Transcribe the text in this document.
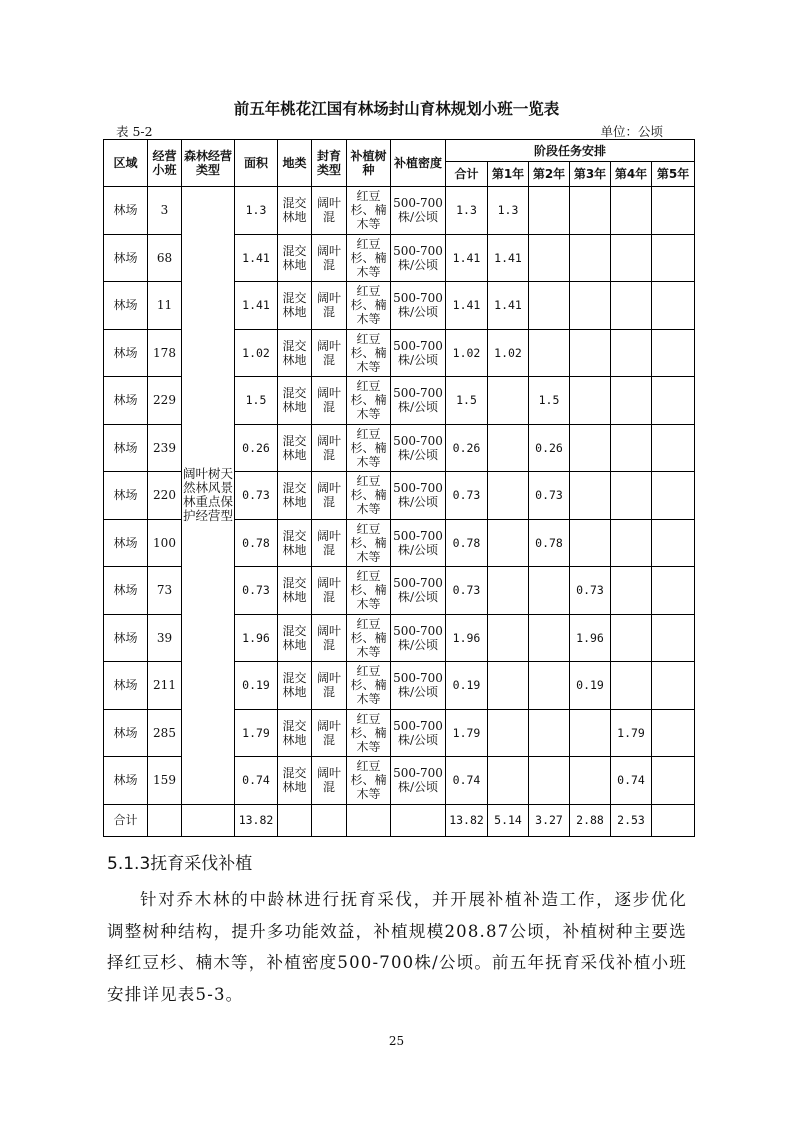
前五年桃花江国有林场封山育林规划小班一览表
表 5-2	单位：公顷
区域	经营小班	森林经营类型	面积	地类	封育类型	补植树种	补植密度	阶段任务安排					
								合计	第1年	第2年	第3年	第4年	第5年
林场	3	阔叶树天然林风景林重点保护经营型	1.3	混交林地	阔叶混	红豆杉、楠木等	500-700株/公顷	1.3	1.3				
林场	68		1.41	混交林地	阔叶混	红豆杉、楠木等	500-700株/公顷	1.41	1.41				
林场	11		1.41	混交林地	阔叶混	红豆杉、楠木等	500-700株/公顷	1.41	1.41				
林场	178		1.02	混交林地	阔叶混	红豆杉、楠木等	500-700株/公顷	1.02	1.02				
林场	229		1.5	混交林地	阔叶混	红豆杉、楠木等	500-700株/公顷	1.5		1.5			
林场	239		0.26	混交林地	阔叶混	红豆杉、楠木等	500-700株/公顷	0.26		0.26			
林场	220		0.73	混交林地	阔叶混	红豆杉、楠木等	500-700株/公顷	0.73		0.73			
林场	100		0.78	混交林地	阔叶混	红豆杉、楠木等	500-700株/公顷	0.78		0.78			
林场	73		0.73	混交林地	阔叶混	红豆杉、楠木等	500-700株/公顷	0.73			0.73		
林场	39		1.96	混交林地	阔叶混	红豆杉、楠木等	500-700株/公顷	1.96			1.96		
林场	211		0.19	混交林地	阔叶混	红豆杉、楠木等	500-700株/公顷	0.19			0.19		
林场	285		1.79	混交林地	阔叶混	红豆杉、楠木等	500-700株/公顷	1.79				1.79	
林场	159		0.74	混交林地	阔叶混	红豆杉、楠木等	500-700株/公顷	0.74				0.74	
合计			13.82					13.82	5.14	3.27	2.88	2.53	
5.1.3抚育采伐补植
针对乔木林的中龄林进行抚育采伐，并开展补植补造工作，逐步优化调整树种结构，提升多功能效益，补植规模208.87公顷，补植树种主要选择红豆杉、楠木等，补植密度500-700株/公顷。前五年抚育采伐补植小班安排详见表5-3。
25
